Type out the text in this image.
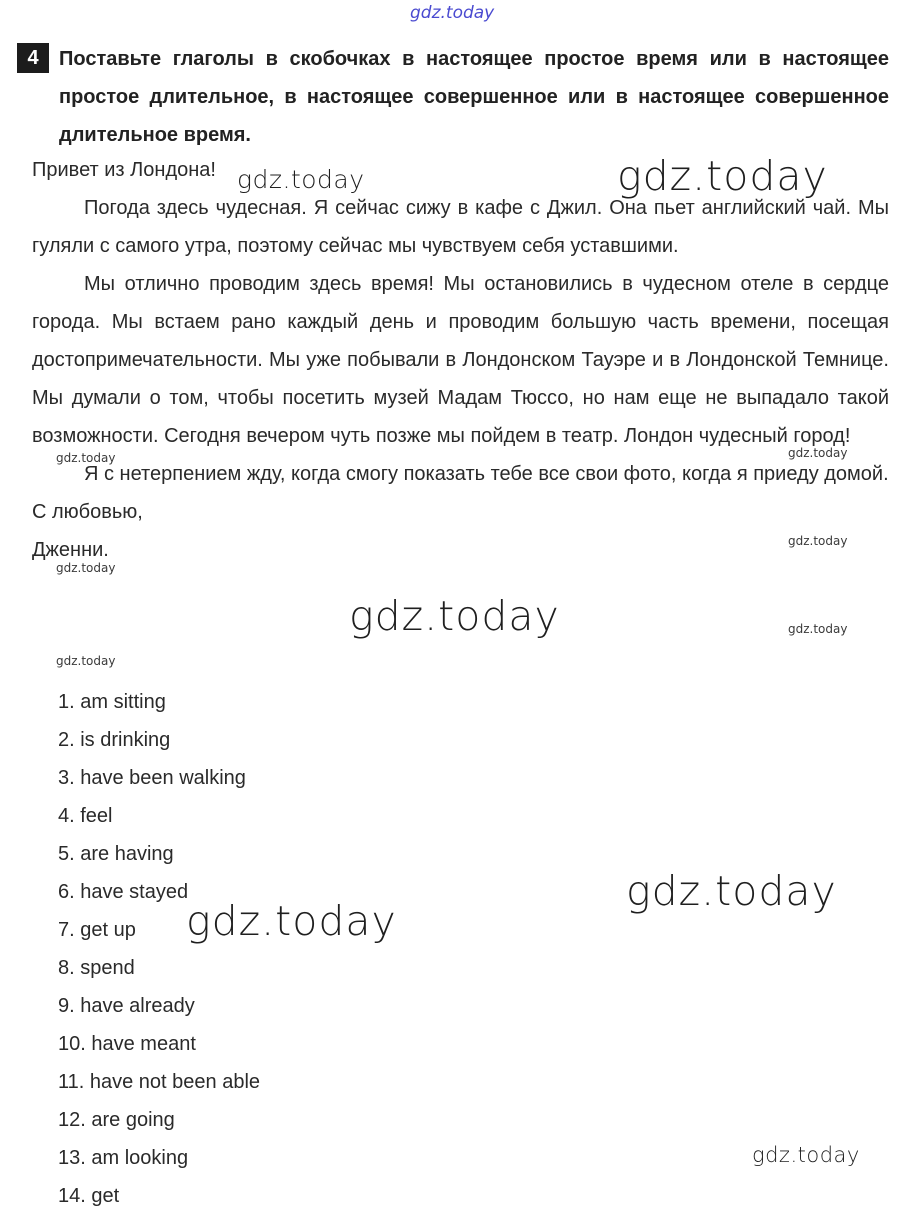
gdz.today
gdz.today	gdz.today
gdz.today	gdz.today
gdz.today
gdz.today
gdz.today	gdz.today
gdz.today
gdz.today
gdz.today
gdz.today
4	Поставьте глаголы в скобочках в настоящее простое время или в настоящее простое длительное, в настоящее совершенное или в настоящее совершенное длительное время.

Привет из Лондона!

Погода здесь чудесная. Я сейчас сижу в кафе с Джил. Она пьет английский чай. Мы гуляли с самого утра, поэтому сейчас мы чувствуем себя уставшими.

Мы отлично проводим здесь время! Мы остановились в чудесном отеле в сердце города. Мы встаем рано каждый день и проводим большую часть времени, посещая достопримечательности. Мы уже побывали в Лондонском Тауэре и в Лондонской Темнице. Мы думали о том, чтобы посетить музей Мадам Тюссо, но нам еще не выпадало такой возможности. Сегодня вечером чуть позже мы пойдем в театр. Лондон чудесный город!

Я с нетерпением жду, когда смогу показать тебе все свои фото, когда я приеду домой.

С любовью,

Дженни.

1. am sitting
2. is drinking
3. have been walking
4. feel
5. are having
6. have stayed
7. get up
8. spend
9. have already
10. have meant
11. have not been able
12. are going
13. am looking
14. get
